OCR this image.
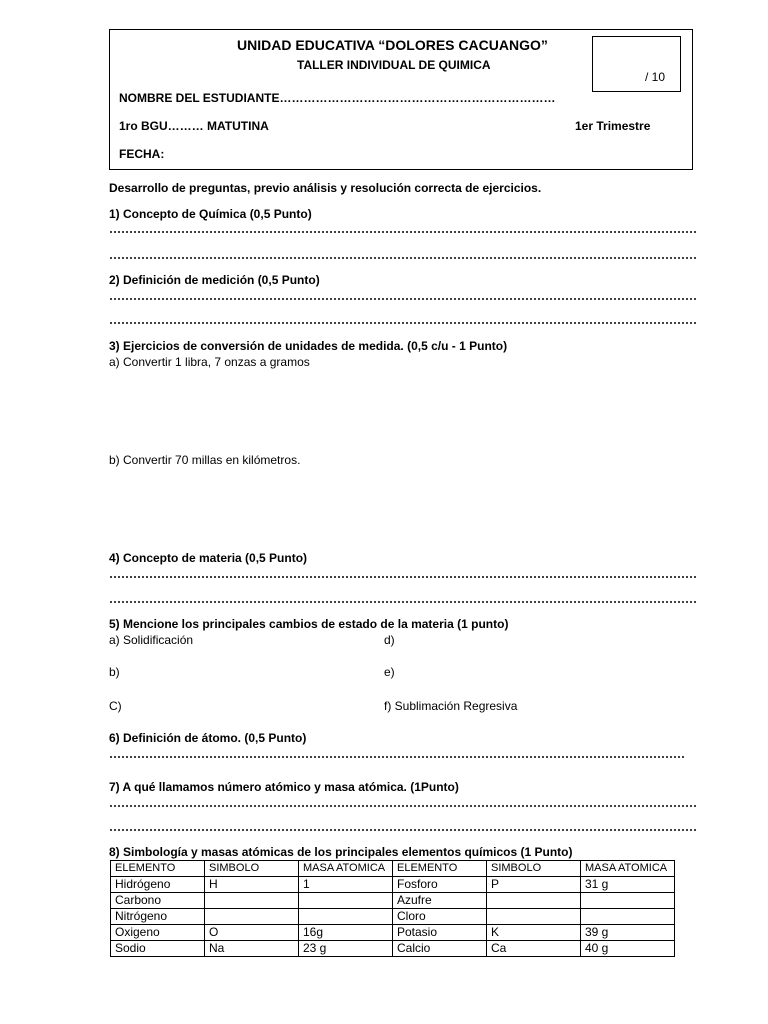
UNIDAD EDUCATIVA “DOLORES CACUANGO”
TALLER INDIVIDUAL DE QUIMICA
/ 10
NOMBRE DEL ESTUDIANTE……………………………………………………………
1ro BGU……… MATUTINA	1er Trimestre
FECHA:
Desarrollo de preguntas, previo análisis y resolución correcta de ejercicios.
1) Concepto de Química (0,5 Punto)
2) Definición de medición (0,5 Punto)
3) Ejercicios de conversión de unidades de medida. (0,5 c/u - 1 Punto)
a) Convertir 1 libra, 7 onzas a gramos
b) Convertir 70 millas en kilómetros.
4) Concepto de materia (0,5 Punto)
5) Mencione los principales cambios de estado de la materia (1 punto)
a) Solidificación	d)
b)	e)
C)	f) Sublimación Regresiva
6) Definición de átomo. (0,5 Punto)
7) A qué llamamos número atómico y masa atómica. (1Punto)
8) Simbología y masas atómicas de los principales elementos químicos (1 Punto)
ELEMENTO	SIMBOLO	MASA ATOMICA	ELEMENTO	SIMBOLO	MASA ATOMICA
Hidrógeno	H	1	Fosforo	P	31 g
Carbono			Azufre		
Nitrógeno			Cloro		
Oxigeno	O	16g	Potasio	K	39 g
Sodio	Na	23 g	Calcio	Ca	40 g
